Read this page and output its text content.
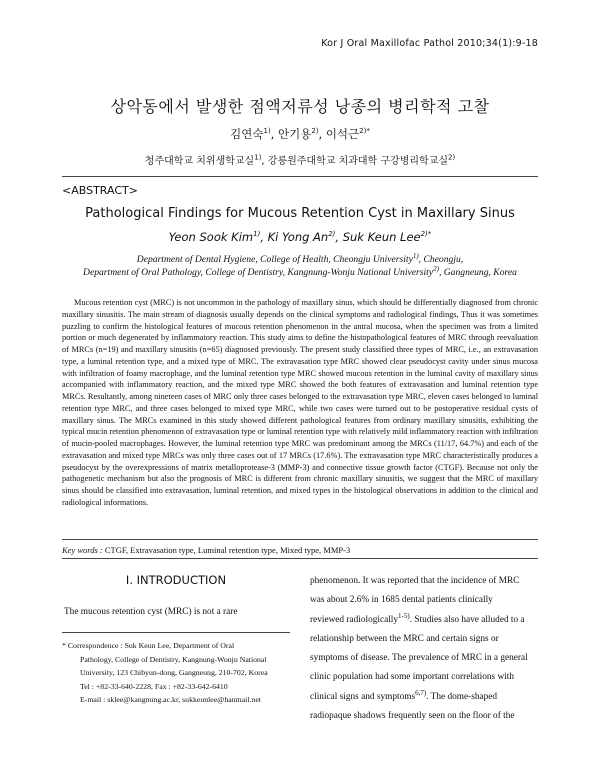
Kor J Oral Maxillofac Pathol 2010;34(1):9-18
상악동에서 발생한 점액저류성 낭종의 병리학적 고찰
김연숙$^{1)}$, 안기용$^{2)}$, 이석근$^{2)*}$
청주대학교 치위생학교실$^{1)}$, 강릉원주대학교 치과대학 구강병리학교실$^{2)}$
<ABSTRACT>
Pathological Findings for Mucous Retention Cyst in Maxillary Sinus
Yeon Sook Kim$^{1)}$, Ki Yong An$^{2)}$, Suk Keun Lee$^{2)*}$
Department of Dental Hygiene, College of Health, Cheongju University$^{1)}$, Cheongju,
Department of Oral Pathology, College of Dentistry, Kangnung-Wonju National University$^{2)}$, Gangneung, Korea

Mucous retention cyst (MRC) is not uncommon in the pathology of maxillary sinus, which should be differentially diagnosed from chronic maxillary sinusitis. The main stream of diagnosis usually depends on the clinical symptoms and radiological findings, Thus it was sometimes puzzling to confirm the histological features of mucous retention phenomenon in the antral mucosa, when the specimen was from a limited portion or much degenerated by inflammatory reaction. This study aims to define the histopathological features of MRC through reevaluation of MRCs (n=19) and maxillary sinusitis (n=65) diagnosed previously. The present study classified three types of MRC, i.e., an extravasation type, a luminal retention type, and a mixed type of MRC. The extravasation type MRC showed clear pseudocyst cavity under sinus mucosa with infiltration of foamy macrophage, and the luminal retention type MRC showed mucous retention in the luminal cavity of maxillary sinus accompanied with inflammatory reaction, and the mixed type MRC showed the both features of extravasation and luminal retention type MRCs. Resultantly, among nineteen cases of MRC only three cases belonged to the extravasation type MRC, eleven cases belonged to luminal retention type MRC, and three cases belonged to mixed type MRC, while two cases were turned out to be postoperative residual cysts of maxillary sinus. The MRCs examined in this study showed different pathological features from ordinary maxillary sinusitis, exhibiting the typical mucin retention phenomenon of extravasation type or luminal retention type with relatively mild inflammatory reaction with infiltration of mucin-pooled macrophages. However, the luminal retention type MRC was predominant among the MRCs (11/17, 64.7%) and each of the extravasation and mixed type MRCs was only three cases out of 17 MRCs (17.6%). The extravasation type MRC characteristically produces a pseudocyst by the overexpressions of matrix metalloprotease-3 (MMP-3) and connective tissue growth factor (CTGF). Because not only the pathogenetic mechanism but also the prognosis of MRC is different from chronic maxillary sinusitis, we suggest that the MRC of maxillary sinus should be classified into extravasation, luminal retention, and mixed types in the histological observations in addition to the clinical and radiological informations.

Key words : CTGF, Extravasation type, Luminal retention type, Mixed type, MMP-3
I. INTRODUCTION
The mucous retention cyst (MRC) is not a rare
* Correspondence : Suk Keun Lee, Department of Oral
Pathology, College of Dentistry, Kangnung-Wonju National
University, 123 Chibyun-dong, Gangneung, 210-702, Korea
Tel : +82-33-640-2228, Fax : +82-33-642-6410
E-mail : sklee@kangnung.ac.kr, sukkeunlee@hanmail.net
phenomenon. It was reported that the incidence of MRC
was about 2.6% in 1685 dental patients clinically
reviewed radiologically$^{1-5)}$. Studies also have alluded to a
relationship between the MRC and certain signs or
symptoms of disease. The prevalence of MRC in a general
clinic population had some important correlations with
clinical signs and symptoms$^{6,7)}$. The dome-shaped
radiopaque shadows frequently seen on the floor of the
